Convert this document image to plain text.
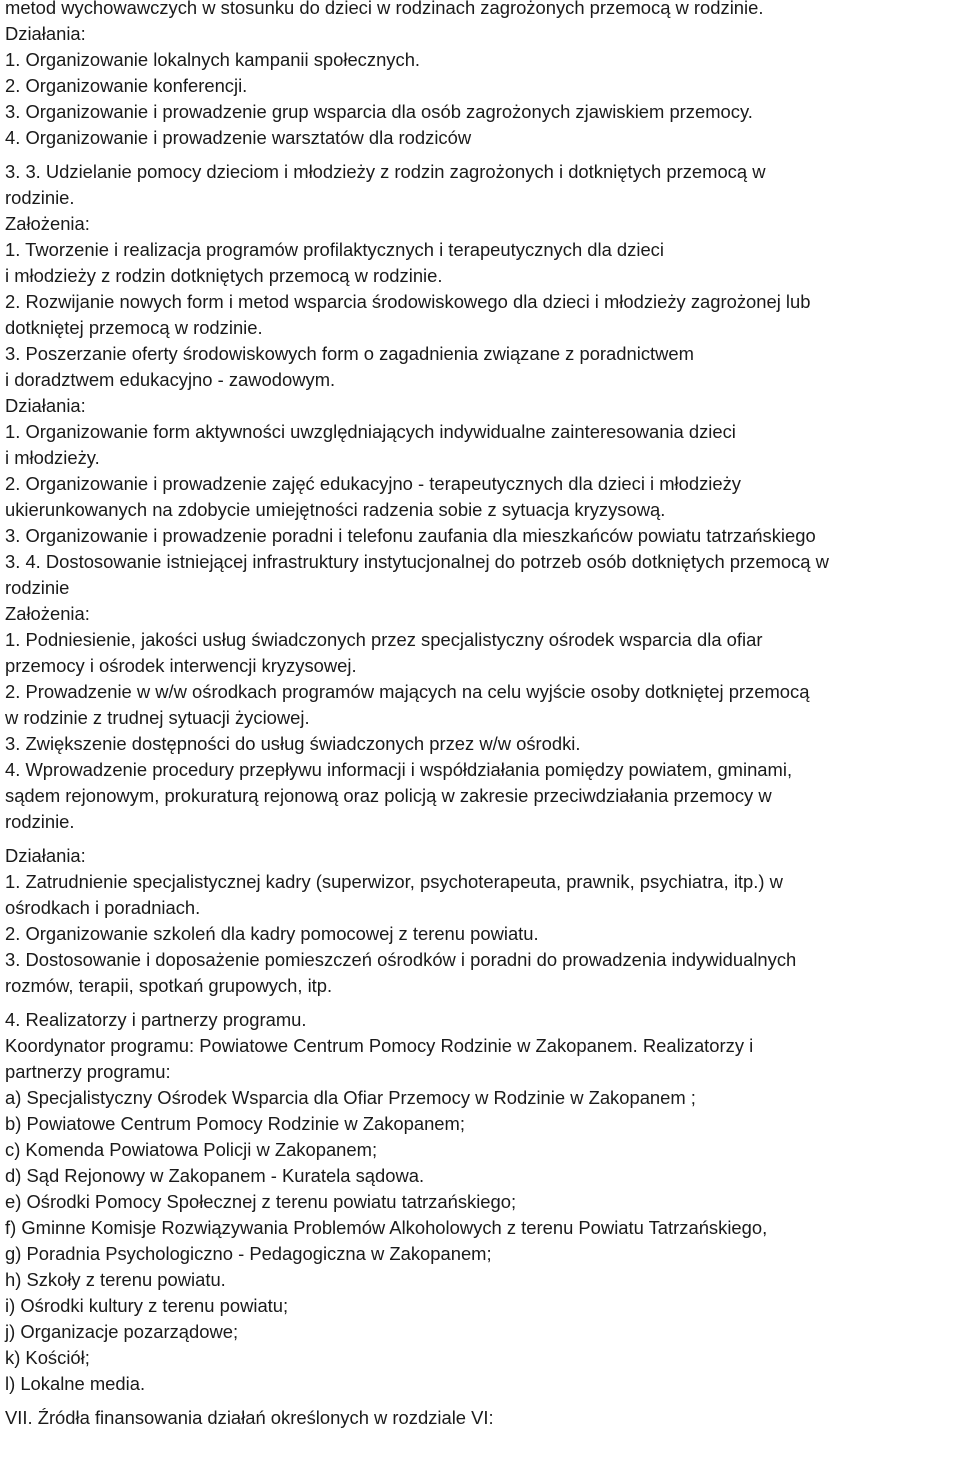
metod wychowawczych w stosunku do dzieci w rodzinach zagrożonych przemocą w rodzinie.
Działania:
1. Organizowanie lokalnych kampanii społecznych.
2. Organizowanie konferencji.
3. Organizowanie i prowadzenie grup wsparcia dla osób zagrożonych zjawiskiem przemocy.
4. Organizowanie i prowadzenie warsztatów dla rodziców
3. 3. Udzielanie pomocy dzieciom i młodzieży z rodzin zagrożonych i dotkniętych przemocą w
rodzinie.
Założenia:
1. Tworzenie i realizacja programów profilaktycznych i terapeutycznych dla dzieci
i młodzieży z rodzin dotkniętych przemocą w rodzinie.
2. Rozwijanie nowych form i metod wsparcia środowiskowego dla dzieci i młodzieży zagrożonej lub
dotkniętej przemocą w rodzinie.
3. Poszerzanie oferty środowiskowych form o zagadnienia związane z poradnictwem
i doradztwem edukacyjno - zawodowym.
Działania:
1. Organizowanie form aktywności uwzględniających indywidualne zainteresowania dzieci
i młodzieży.
2. Organizowanie i prowadzenie zajęć edukacyjno - terapeutycznych dla dzieci i młodzieży
ukierunkowanych na zdobycie umiejętności radzenia sobie z sytuacja kryzysową.
3. Organizowanie i prowadzenie poradni i telefonu zaufania dla mieszkańców powiatu tatrzańskiego
3. 4. Dostosowanie istniejącej infrastruktury instytucjonalnej do potrzeb osób dotkniętych przemocą w
rodzinie
Założenia:
1. Podniesienie, jakości usług świadczonych przez specjalistyczny ośrodek wsparcia dla ofiar
przemocy i ośrodek interwencji kryzysowej.
2. Prowadzenie w w/w ośrodkach programów mających na celu wyjście osoby dotkniętej przemocą
w rodzinie z trudnej sytuacji życiowej.
3. Zwiększenie dostępności do usług świadczonych przez w/w ośrodki.
4. Wprowadzenie procedury przepływu informacji i współdziałania pomiędzy powiatem, gminami,
sądem rejonowym, prokuraturą rejonową oraz policją w zakresie przeciwdziałania przemocy w
rodzinie.
Działania:
1. Zatrudnienie specjalistycznej kadry (superwizor, psychoterapeuta, prawnik, psychiatra, itp.) w
ośrodkach i poradniach.
2. Organizowanie szkoleń dla kadry pomocowej z terenu powiatu.
3. Dostosowanie i doposażenie pomieszczeń ośrodków i poradni do prowadzenia indywidualnych
rozmów, terapii, spotkań grupowych, itp.
4. Realizatorzy i partnerzy programu.
Koordynator programu: Powiatowe Centrum Pomocy Rodzinie w Zakopanem. Realizatorzy i
partnerzy programu:
a) Specjalistyczny Ośrodek Wsparcia dla Ofiar Przemocy w Rodzinie w Zakopanem ;
b) Powiatowe Centrum Pomocy Rodzinie w Zakopanem;
c) Komenda Powiatowa Policji w Zakopanem;
d) Sąd Rejonowy w Zakopanem - Kuratela sądowa.
e) Ośrodki Pomocy Społecznej z terenu powiatu tatrzańskiego;
f) Gminne Komisje Rozwiązywania Problemów Alkoholowych z terenu Powiatu Tatrzańskiego,
g) Poradnia Psychologiczno - Pedagogiczna w Zakopanem;
h) Szkoły z terenu powiatu.
i) Ośrodki kultury z terenu powiatu;
j) Organizacje pozarządowe;
k) Kościół;
l) Lokalne media.
VII. Źródła finansowania działań określonych w rozdziale VI:
